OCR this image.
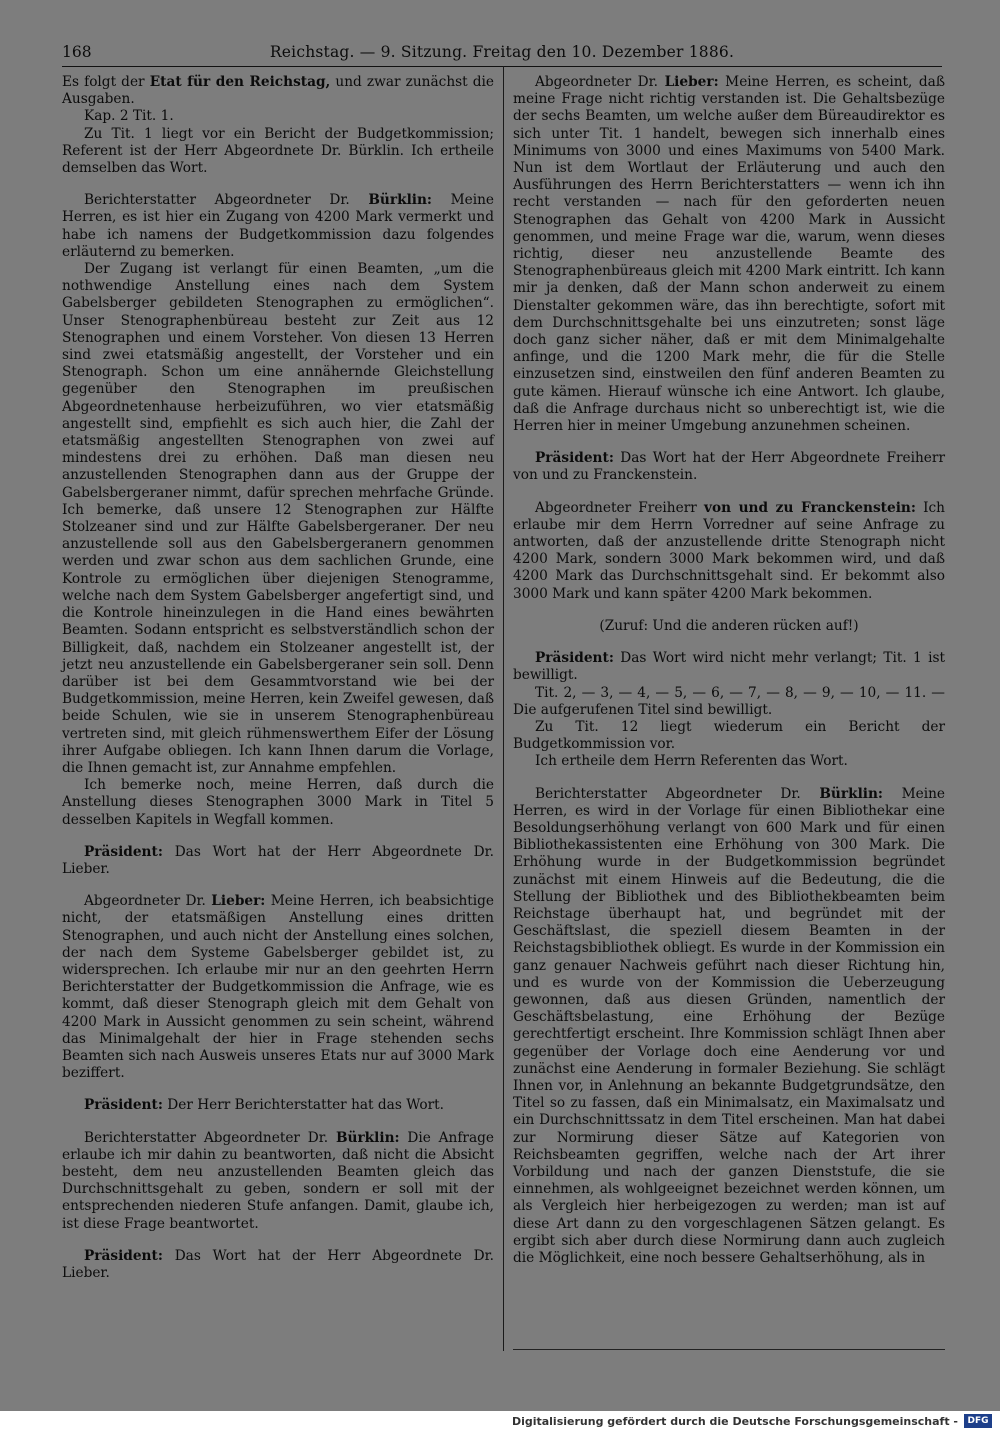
168	Reichstag. — 9. Sitzung. Freitag den 10. Dezember 1886.

Es folgt der Etat für den Reichstag, und zwar zunächst die Ausgaben.

Kap. 2 Tit. 1.

Zu Tit. 1 liegt vor ein Bericht der Budgetkommission; Referent ist der Herr Abgeordnete Dr. Bürklin. Ich ertheile demselben das Wort.

Berichterstatter Abgeordneter Dr. Bürklin: Meine Herren, es ist hier ein Zugang von 4200 Mark vermerkt und habe ich namens der Budgetkommission dazu folgendes erläuternd zu bemerken.

Der Zugang ist verlangt für einen Beamten, „um die nothwendige Anstellung eines nach dem System Gabelsberger gebildeten Stenographen zu ermöglichen“. Unser Stenographenbüreau besteht zur Zeit aus 12 Stenographen und einem Vorsteher. Von diesen 13 Herren sind zwei etatsmäßig angestellt, der Vorsteher und ein Stenograph. Schon um eine annähernde Gleichstellung gegenüber den Stenographen im preußischen Abgeordnetenhause herbeizuführen, wo vier etatsmäßig angestellt sind, empfiehlt es sich auch hier, die Zahl der etatsmäßig angestellten Stenographen von zwei auf mindestens drei zu erhöhen. Daß man diesen neu anzustellenden Stenographen dann aus der Gruppe der Gabelsbergeraner nimmt, dafür sprechen mehrfache Gründe. Ich bemerke, daß unsere 12 Stenographen zur Hälfte Stolzeaner sind und zur Hälfte Gabelsbergeraner. Der neu anzustellende soll aus den Gabelsbergeranern genommen werden und zwar schon aus dem sachlichen Grunde, eine Kontrole zu ermöglichen über diejenigen Stenogramme, welche nach dem System Gabelsberger angefertigt sind, und die Kontrole hineinzulegen in die Hand eines bewährten Beamten. Sodann entspricht es selbstverständlich schon der Billigkeit, daß, nachdem ein Stolzeaner angestellt ist, der jetzt neu anzustellende ein Gabelsbergeraner sein soll. Denn darüber ist bei dem Gesammtvorstand wie bei der Budgetkommission, meine Herren, kein Zweifel gewesen, daß beide Schulen, wie sie in unserem Stenographenbüreau vertreten sind, mit gleich rühmenswerthem Eifer der Lösung ihrer Aufgabe obliegen. Ich kann Ihnen darum die Vorlage, die Ihnen gemacht ist, zur Annahme empfehlen.

Ich bemerke noch, meine Herren, daß durch die Anstellung dieses Stenographen 3000 Mark in Titel 5 desselben Kapitels in Wegfall kommen.

Präsident: Das Wort hat der Herr Abgeordnete Dr. Lieber.

Abgeordneter Dr. Lieber: Meine Herren, ich beabsichtige nicht, der etatsmäßigen Anstellung eines dritten Stenographen, und auch nicht der Anstellung eines solchen, der nach dem Systeme Gabelsberger gebildet ist, zu widersprechen. Ich erlaube mir nur an den geehrten Herrn Berichterstatter der Budgetkommission die Anfrage, wie es kommt, daß dieser Stenograph gleich mit dem Gehalt von 4200 Mark in Aussicht genommen zu sein scheint, während das Minimalgehalt der hier in Frage stehenden sechs Beamten sich nach Ausweis unseres Etats nur auf 3000 Mark beziffert.

Präsident: Der Herr Berichterstatter hat das Wort.

Berichterstatter Abgeordneter Dr. Bürklin: Die Anfrage erlaube ich mir dahin zu beantworten, daß nicht die Absicht besteht, dem neu anzustellenden Beamten gleich das Durchschnittsgehalt zu geben, sondern er soll mit der entsprechenden niederen Stufe anfangen. Damit, glaube ich, ist diese Frage beantwortet.

Präsident: Das Wort hat der Herr Abgeordnete Dr. Lieber.

Abgeordneter Dr. Lieber: Meine Herren, es scheint, daß meine Frage nicht richtig verstanden ist. Die Gehaltsbezüge der sechs Beamten, um welche außer dem Büreaudirektor es sich unter Tit. 1 handelt, bewegen sich innerhalb eines Minimums von 3000 und eines Maximums von 5400 Mark. Nun ist dem Wortlaut der Erläuterung und auch den Ausführungen des Herrn Berichterstatters — wenn ich ihn recht verstanden — nach für den geforderten neuen Stenographen das Gehalt von 4200 Mark in Aussicht genommen, und meine Frage war die, warum, wenn dieses richtig, dieser neu anzustellende Beamte des Stenographenbüreaus gleich mit 4200 Mark eintritt. Ich kann mir ja denken, daß der Mann schon anderweit zu einem Dienstalter gekommen wäre, das ihn berechtigte, sofort mit dem Durchschnittsgehalte bei uns einzutreten; sonst läge doch ganz sicher näher, daß er mit dem Minimalgehalte anfinge, und die 1200 Mark mehr, die für die Stelle einzusetzen sind, einstweilen den fünf anderen Beamten zu gute kämen. Hierauf wünsche ich eine Antwort. Ich glaube, daß die Anfrage durchaus nicht so unberechtigt ist, wie die Herren hier in meiner Umgebung anzunehmen scheinen.

Präsident: Das Wort hat der Herr Abgeordnete Freiherr von und zu Franckenstein.

Abgeordneter Freiherr von und zu Franckenstein: Ich erlaube mir dem Herrn Vorredner auf seine Anfrage zu antworten, daß der anzustellende dritte Stenograph nicht 4200 Mark, sondern 3000 Mark bekommen wird, und daß 4200 Mark das Durchschnittsgehalt sind. Er bekommt also 3000 Mark und kann später 4200 Mark bekommen.

(Zuruf: Und die anderen rücken auf!)

Präsident: Das Wort wird nicht mehr verlangt; Tit. 1 ist bewilligt.

Tit. 2, — 3, — 4, — 5, — 6, — 7, — 8, — 9, — 10, — 11. — Die aufgerufenen Titel sind bewilligt.

Zu Tit. 12 liegt wiederum ein Bericht der Budgetkommission vor.

Ich ertheile dem Herrn Referenten das Wort.

Berichterstatter Abgeordneter Dr. Bürklin: Meine Herren, es wird in der Vorlage für einen Bibliothekar eine Besoldungserhöhung verlangt von 600 Mark und für einen Bibliothekassistenten eine Erhöhung von 300 Mark. Die Erhöhung wurde in der Budgetkommission begründet zunächst mit einem Hinweis auf die Bedeutung, die die Stellung der Bibliothek und des Bibliothekbeamten beim Reichstage überhaupt hat, und begründet mit der Geschäftslast, die speziell diesem Beamten in der Reichstagsbibliothek obliegt. Es wurde in der Kommission ein ganz genauer Nachweis geführt nach dieser Richtung hin, und es wurde von der Kommission die Ueberzeugung gewonnen, daß aus diesen Gründen, namentlich der Geschäftsbelastung, eine Erhöhung der Bezüge gerechtfertigt erscheint. Ihre Kommission schlägt Ihnen aber gegenüber der Vorlage doch eine Aenderung vor und zunächst eine Aenderung in formaler Beziehung. Sie schlägt Ihnen vor, in Anlehnung an bekannte Budgetgrundsätze, den Titel so zu fassen, daß ein Minimalsatz, ein Maximalsatz und ein Durchschnittssatz in dem Titel erscheinen. Man hat dabei zur Normirung dieser Sätze auf Kategorien von Reichsbeamten gegriffen, welche nach der Art ihrer Vorbildung und nach der ganzen Dienststufe, die sie einnehmen, als wohlgeeignet bezeichnet werden können, um als Vergleich hier herbeigezogen zu werden; man ist auf diese Art dann zu den vorgeschlagenen Sätzen gelangt. Es ergibt sich aber durch diese Normirung dann auch zugleich die Möglichkeit, eine noch bessere Gehaltserhöhung, als in

Digitalisierung gefördert durch die Deutsche Forschungsgemeinschaft -	DFG
